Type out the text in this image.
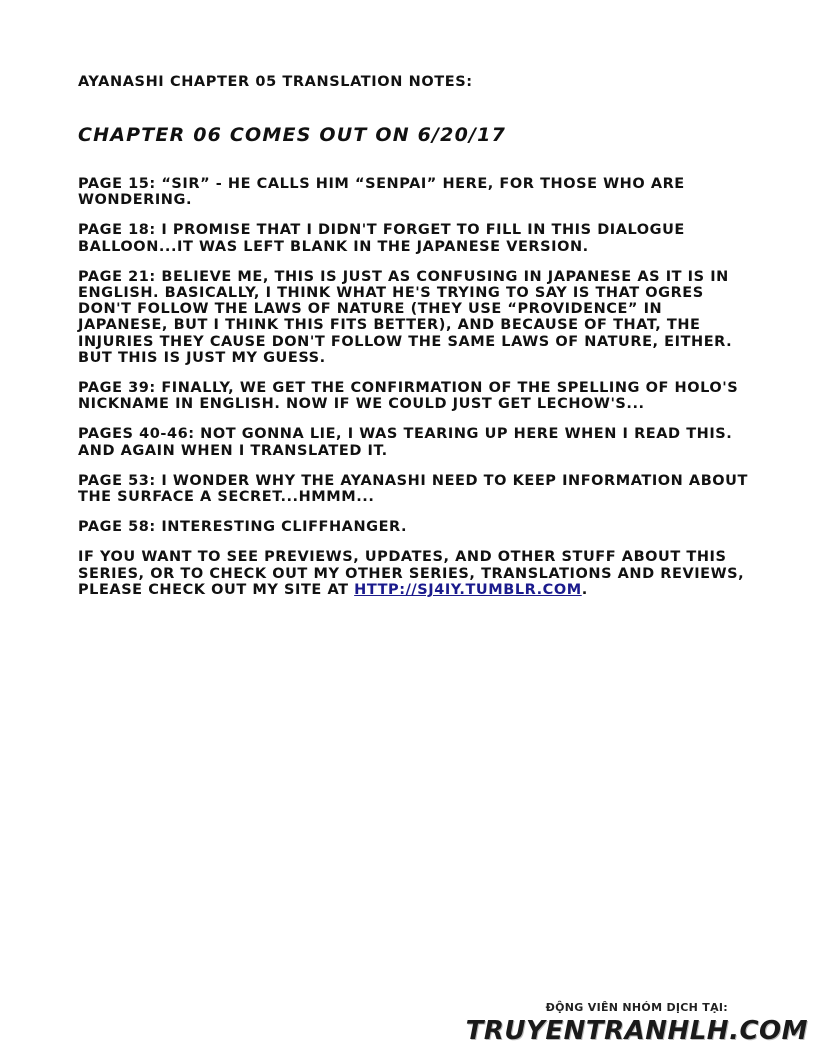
AYANASHI CHAPTER 05 TRANSLATION NOTES:
CHAPTER 06 COMES OUT ON 6/20/17

PAGE 15: “SIR” - HE CALLS HIM “SENPAI” HERE, FOR THOSE WHO ARE WONDERING.

PAGE 18: I PROMISE THAT I DIDN'T FORGET TO FILL IN THIS DIALOGUE BALLOON...IT WAS LEFT BLANK IN THE JAPANESE VERSION.

PAGE 21: BELIEVE ME, THIS IS JUST AS CONFUSING IN JAPANESE AS IT IS IN ENGLISH. BASICALLY, I THINK WHAT HE'S TRYING TO SAY IS THAT OGRES DON'T FOLLOW THE LAWS OF NATURE (THEY USE “PROVIDENCE” IN JAPANESE, BUT I THINK THIS FITS BETTER), AND BECAUSE OF THAT, THE INJURIES THEY CAUSE DON'T FOLLOW THE SAME LAWS OF NATURE, EITHER. BUT THIS IS JUST MY GUESS.

PAGE 39: FINALLY, WE GET THE CONFIRMATION OF THE SPELLING OF HOLO'S NICKNAME IN ENGLISH. NOW IF WE COULD JUST GET LECHOW'S...

PAGES 40-46: NOT GONNA LIE, I WAS TEARING UP HERE WHEN I READ THIS. AND AGAIN WHEN I TRANSLATED IT.

PAGE 53: I WONDER WHY THE AYANASHI NEED TO KEEP INFORMATION ABOUT THE SURFACE A SECRET...HMMM...

PAGE 58: INTERESTING CLIFFHANGER.

IF YOU WANT TO SEE PREVIEWS, UPDATES, AND OTHER STUFF ABOUT THIS SERIES, OR TO CHECK OUT MY OTHER SERIES, TRANSLATIONS AND REVIEWS, PLEASE CHECK OUT MY SITE AT HTTP://SJ4IY.TUMBLR.COM.

ĐỘNG VIÊN NHÓM DỊCH TẠI:
TRUYENTRANHLH.COM
